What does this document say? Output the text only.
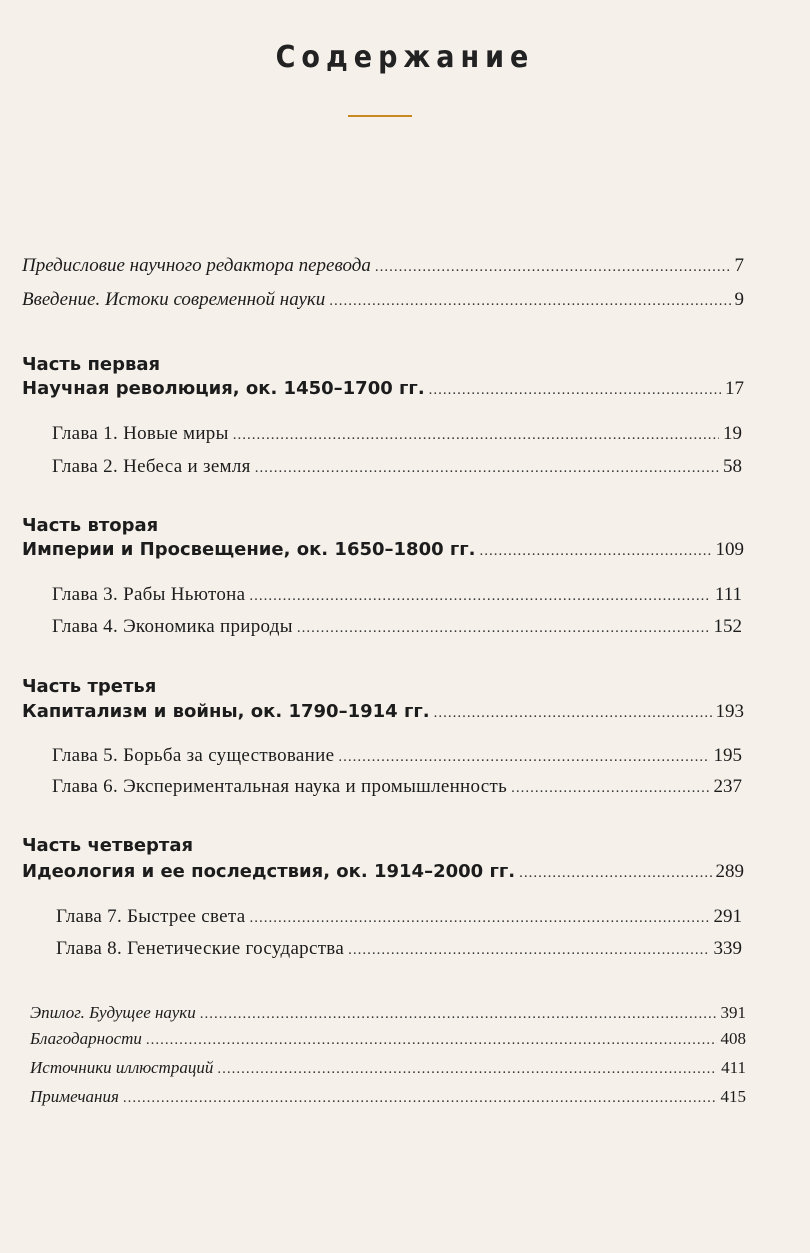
Содержание
Предисловие научного редактора перевода .....	7
Введение. Истоки современной науки .....	9
Часть первая
Научная революция, ок. 1450–1700 гг. .....	17
Глава 1. Новые миры .....	19
Глава 2. Небеса и земля .....	58
Часть вторая
Империи и Просвещение, ок. 1650–1800 гг. .....	109
Глава 3. Рабы Ньютона .....	111
Глава 4. Экономика природы .....	152
Часть третья
Капитализм и войны, ок. 1790–1914 гг. .....	193
Глава 5. Борьба за существование .....	195
Глава 6. Экспериментальная наука и промышленность .....	237
Часть четвертая
Идеология и ее последствия, ок. 1914–2000 гг. .....	289
Глава 7. Быстрее света .....	291
Глава 8. Генетические государства .....	339
Эпилог. Будущее науки .....	391
Благодарности .....	408
Источники иллюстраций .....	411
Примечания .....	415
